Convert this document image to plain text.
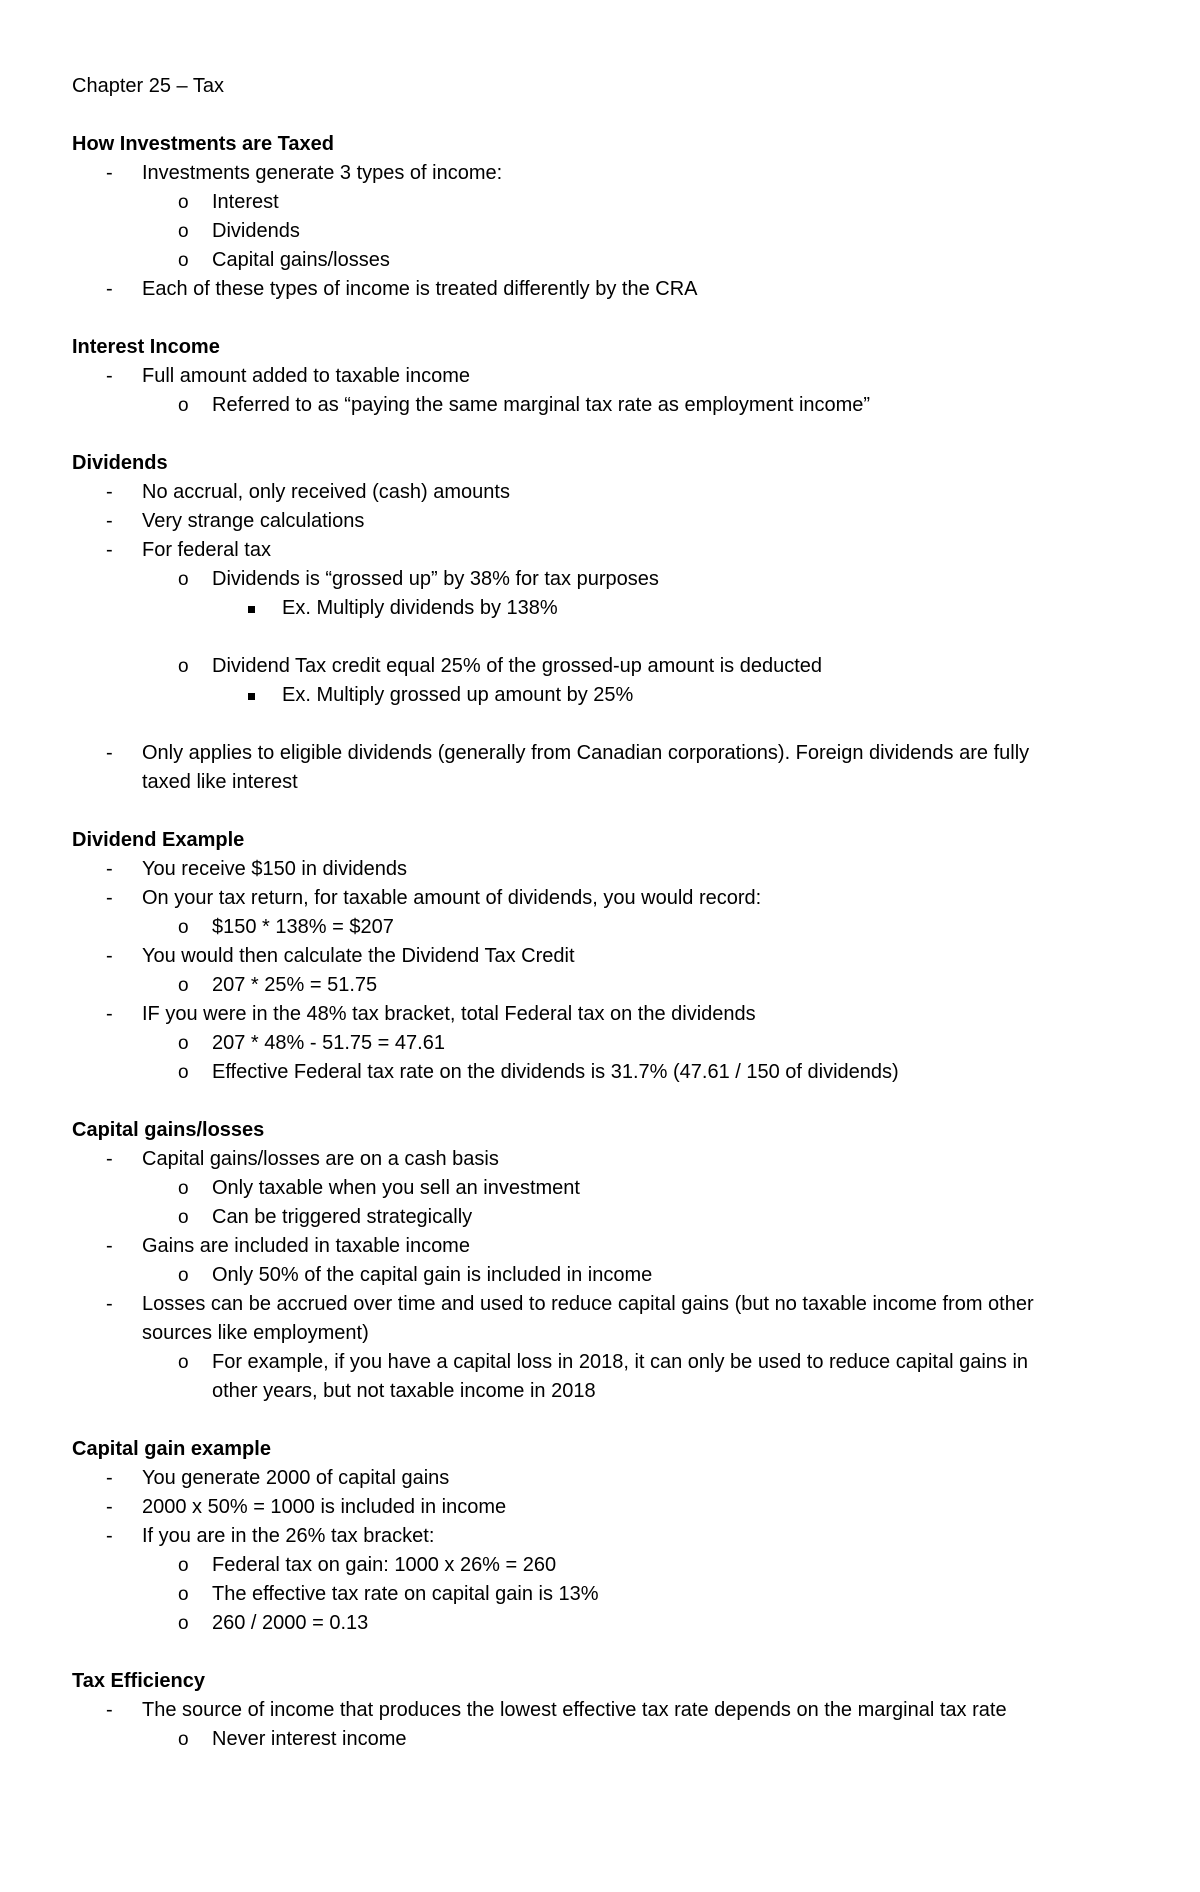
Chapter 25 – Tax
How Investments are Taxed
- Investments generate 3 types of income:
o Interest
o Dividends
o Capital gains/losses
- Each of these types of income is treated differently by the CRA
Interest Income
- Full amount added to taxable income
o Referred to as “paying the same marginal tax rate as employment income”
Dividends
- No accrual, only received (cash) amounts
- Very strange calculations
- For federal tax
o Dividends is “grossed up” by 38% for tax purposes
Ex. Multiply dividends by 138%
o Dividend Tax credit equal 25% of the grossed-up amount is deducted
Ex. Multiply grossed up amount by 25%
- Only applies to eligible dividends (generally from Canadian corporations). Foreign dividends are fully
taxed like interest
Dividend Example
- You receive $150 in dividends
- On your tax return, for taxable amount of dividends, you would record:
o $150 * 138% = $207
- You would then calculate the Dividend Tax Credit
o 207 * 25% = 51.75
- IF you were in the 48% tax bracket, total Federal tax on the dividends
o 207 * 48% - 51.75 = 47.61
o Effective Federal tax rate on the dividends is 31.7% (47.61 / 150 of dividends)
Capital gains/losses
- Capital gains/losses are on a cash basis
o Only taxable when you sell an investment
o Can be triggered strategically
- Gains are included in taxable income
o Only 50% of the capital gain is included in income
- Losses can be accrued over time and used to reduce capital gains (but no taxable income from other
sources like employment)
o For example, if you have a capital loss in 2018, it can only be used to reduce capital gains in
other years, but not taxable income in 2018
Capital gain example
- You generate 2000 of capital gains
- 2000 x 50% = 1000 is included in income
- If you are in the 26% tax bracket:
o Federal tax on gain: 1000 x 26% = 260
o The effective tax rate on capital gain is 13%
o 260 / 2000 = 0.13
Tax Efficiency
- The source of income that produces the lowest effective tax rate depends on the marginal tax rate
o Never interest income
